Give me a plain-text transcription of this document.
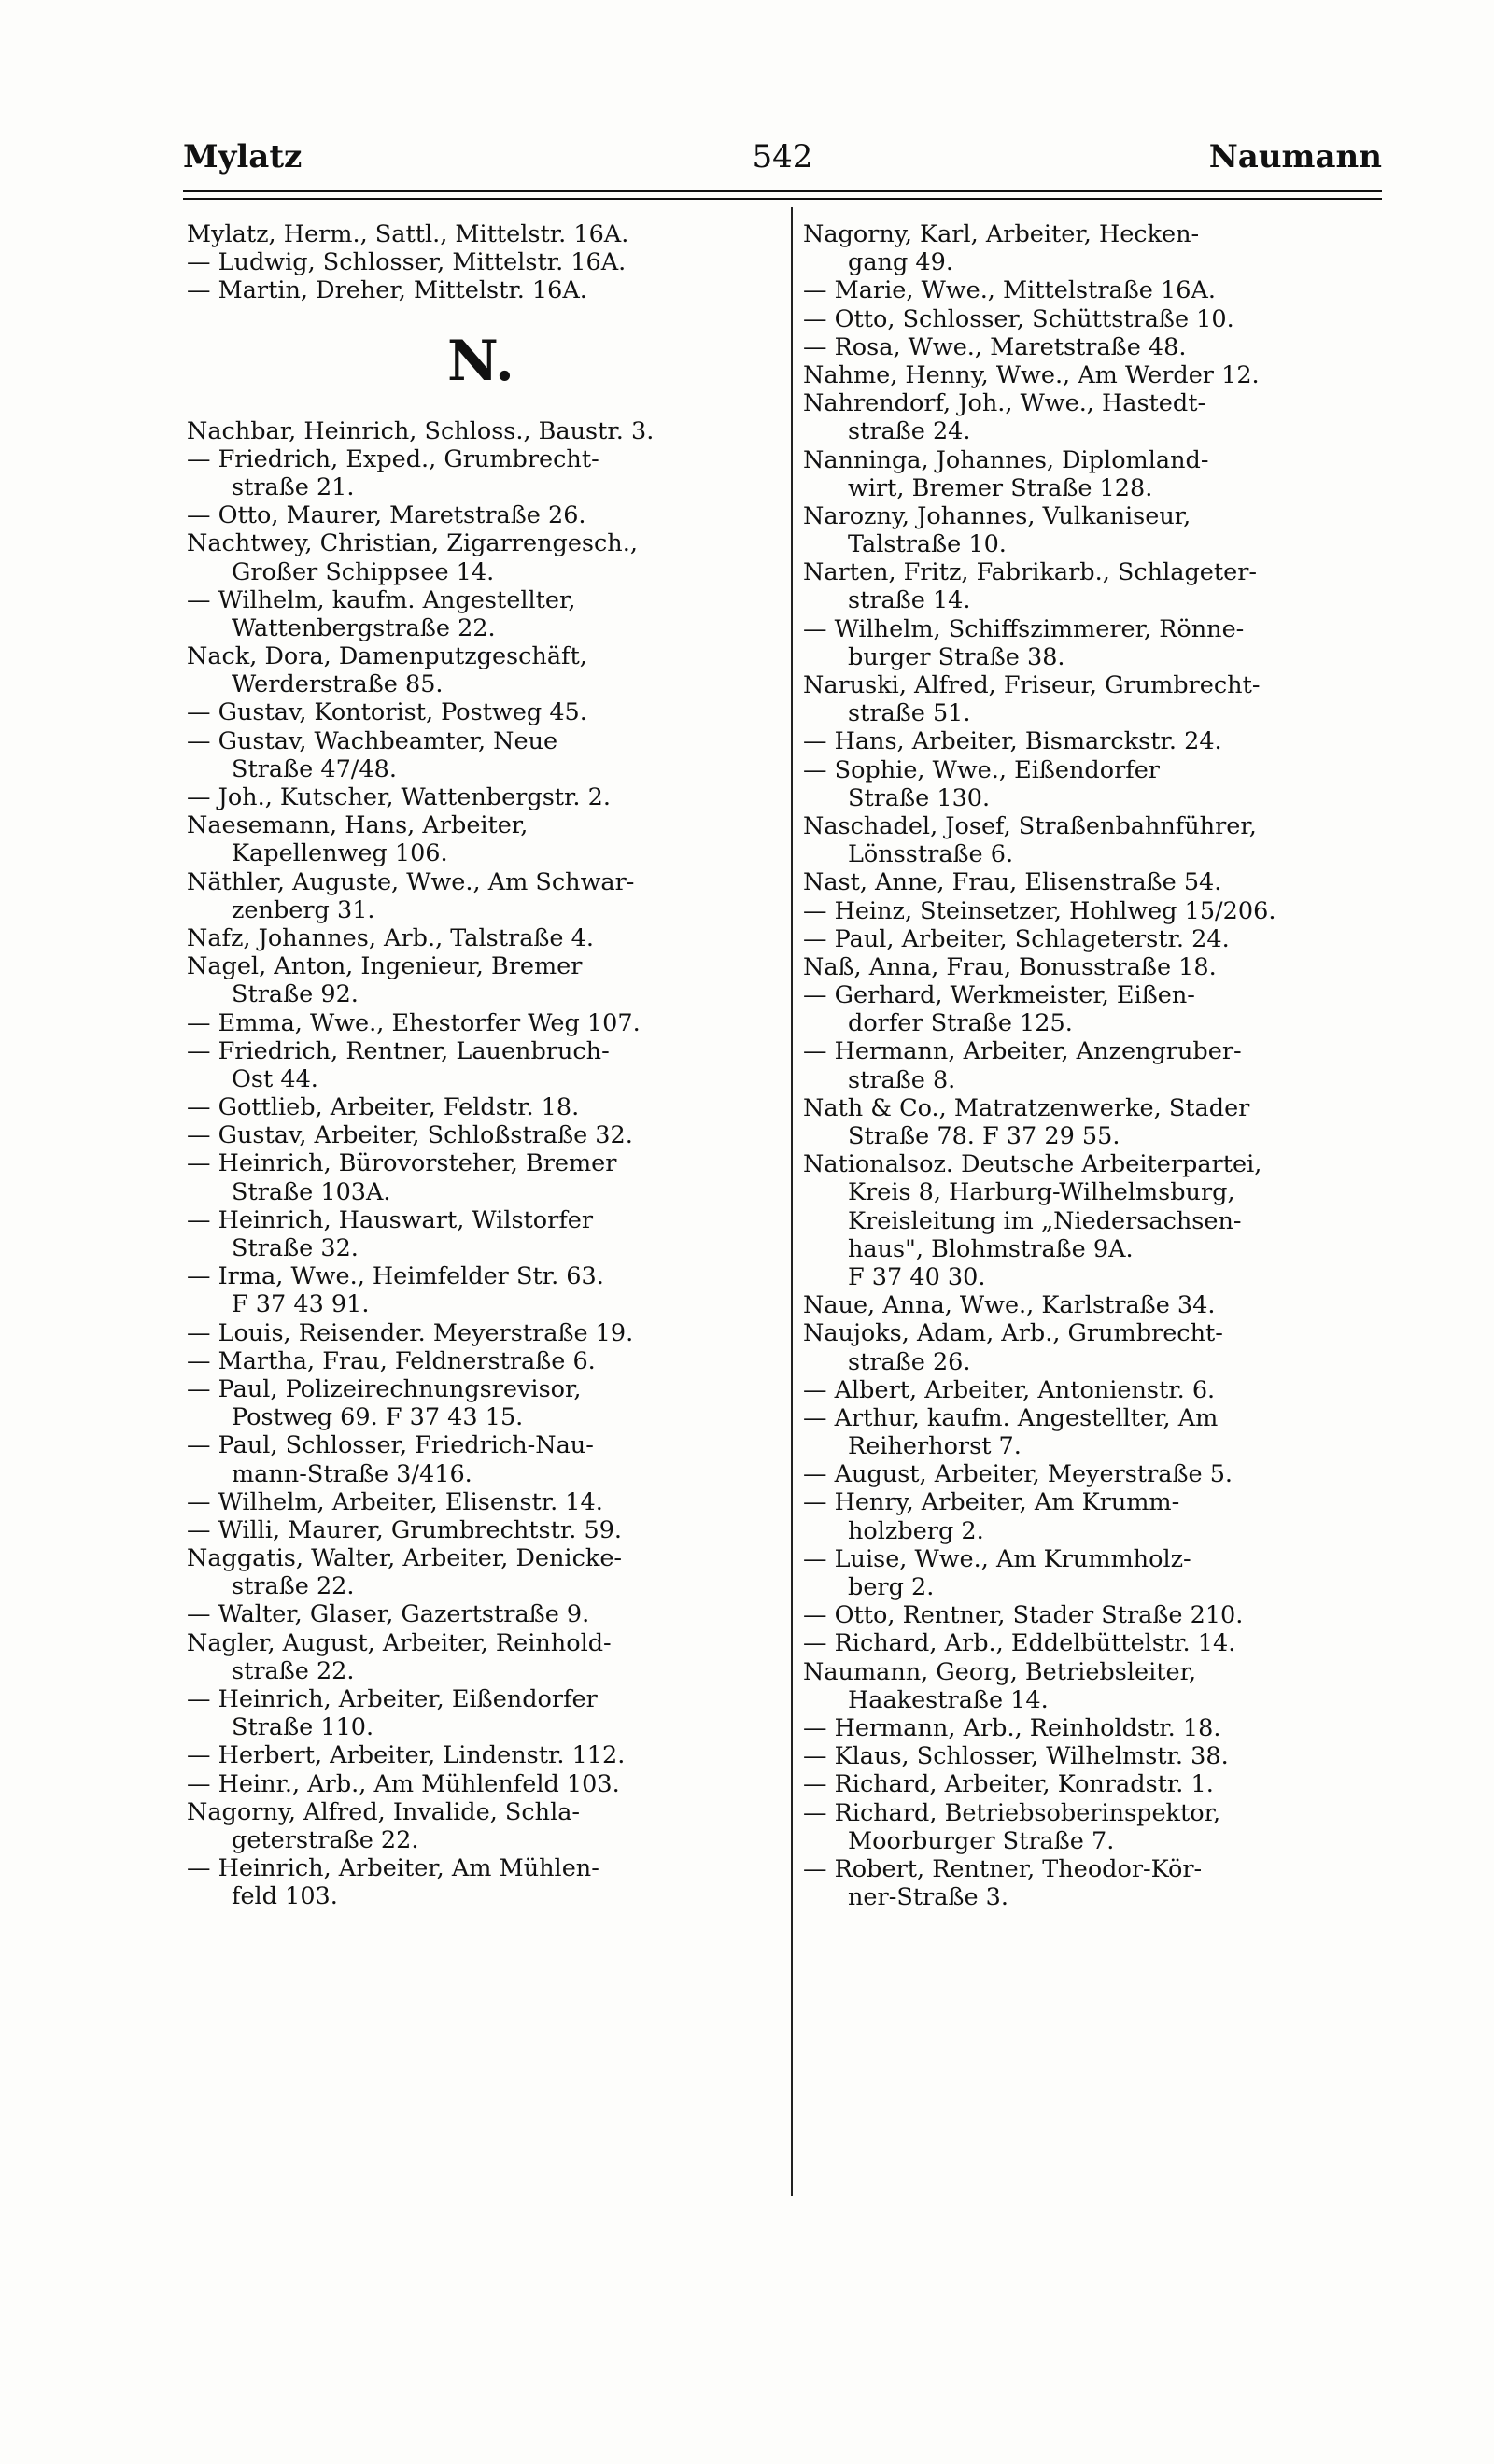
Mylatz	542	Naumann
Mylatz, Herm., Sattl., Mittelstr. 16A.
— Ludwig, Schlosser, Mittelstr. 16A.
— Martin, Dreher, Mittelstr. 16A.
N.
Nachbar, Heinrich, Schloss., Baustr. 3.
— Friedrich, Exped., Grumbrecht-
straße 21.
— Otto, Maurer, Maretstraße 26.
Nachtwey, Christian, Zigarrengesch.,
Großer Schippsee 14.
— Wilhelm, kaufm. Angestellter,
Wattenbergstraße 22.
Nack, Dora, Damenputzgeschäft,
Werderstraße 85.
— Gustav, Kontorist, Postweg 45.
— Gustav, Wachbeamter, Neue
Straße 47/48.
— Joh., Kutscher, Wattenbergstr. 2.
Naesemann, Hans, Arbeiter,
Kapellenweg 106.
Näthler, Auguste, Wwe., Am Schwar-
zenberg 31.
Nafz, Johannes, Arb., Talstraße 4.
Nagel, Anton, Ingenieur, Bremer
Straße 92.
— Emma, Wwe., Ehestorfer Weg 107.
— Friedrich, Rentner, Lauenbruch-
Ost 44.
— Gottlieb, Arbeiter, Feldstr. 18.
— Gustav, Arbeiter, Schloßstraße 32.
— Heinrich, Bürovorsteher, Bremer
Straße 103A.
— Heinrich, Hauswart, Wilstorfer
Straße 32.
— Irma, Wwe., Heimfelder Str. 63.
F 37 43 91.
— Louis, Reisender. Meyerstraße 19.
— Martha, Frau, Feldnerstraße 6.
— Paul, Polizeirechnungsrevisor,
Postweg 69. F 37 43 15.
— Paul, Schlosser, Friedrich-Nau-
mann-Straße 3/416.
— Wilhelm, Arbeiter, Elisenstr. 14.
— Willi, Maurer, Grumbrechtstr. 59.
Naggatis, Walter, Arbeiter, Denicke-
straße 22.
— Walter, Glaser, Gazertstraße 9.
Nagler, August, Arbeiter, Reinhold-
straße 22.
— Heinrich, Arbeiter, Eißendorfer
Straße 110.
— Herbert, Arbeiter, Lindenstr. 112.
— Heinr., Arb., Am Mühlenfeld 103.
Nagorny, Alfred, Invalide, Schla-
geterstraße 22.
— Heinrich, Arbeiter, Am Mühlen-
feld 103.
Nagorny, Karl, Arbeiter, Hecken-
gang 49.
— Marie, Wwe., Mittelstraße 16A.
— Otto, Schlosser, Schüttstraße 10.
— Rosa, Wwe., Maretstraße 48.
Nahme, Henny, Wwe., Am Werder 12.
Nahrendorf, Joh., Wwe., Hastedt-
straße 24.
Nanninga, Johannes, Diplomland-
wirt, Bremer Straße 128.
Narozny, Johannes, Vulkaniseur,
Talstraße 10.
Narten, Fritz, Fabrikarb., Schlageter-
straße 14.
— Wilhelm, Schiffszimmerer, Rönne-
burger Straße 38.
Naruski, Alfred, Friseur, Grumbrecht-
straße 51.
— Hans, Arbeiter, Bismarckstr. 24.
— Sophie, Wwe., Eißendorfer
Straße 130.
Naschadel, Josef, Straßenbahnführer,
Lönsstraße 6.
Nast, Anne, Frau, Elisenstraße 54.
— Heinz, Steinsetzer, Hohlweg 15/206.
— Paul, Arbeiter, Schlageterstr. 24.
Naß, Anna, Frau, Bonusstraße 18.
— Gerhard, Werkmeister, Eißen-
dorfer Straße 125.
— Hermann, Arbeiter, Anzengruber-
straße 8.
Nath & Co., Matratzenwerke, Stader
Straße 78. F 37 29 55.
Nationalsoz. Deutsche Arbeiterpartei,
Kreis 8, Harburg-Wilhelmsburg,
Kreisleitung im „Niedersachsen-
haus", Blohmstraße 9A.
F 37 40 30.
Naue, Anna, Wwe., Karlstraße 34.
Naujoks, Adam, Arb., Grumbrecht-
straße 26.
— Albert, Arbeiter, Antonienstr. 6.
— Arthur, kaufm. Angestellter, Am
Reiherhorst 7.
— August, Arbeiter, Meyerstraße 5.
— Henry, Arbeiter, Am Krumm-
holzberg 2.
— Luise, Wwe., Am Krummholz-
berg 2.
— Otto, Rentner, Stader Straße 210.
— Richard, Arb., Eddelbüttelstr. 14.
Naumann, Georg, Betriebsleiter,
Haakestraße 14.
— Hermann, Arb., Reinholdstr. 18.
— Klaus, Schlosser, Wilhelmstr. 38.
— Richard, Arbeiter, Konradstr. 1.
— Richard, Betriebsoberinspektor,
Moorburger Straße 7.
— Robert, Rentner, Theodor-Kör-
ner-Straße 3.
